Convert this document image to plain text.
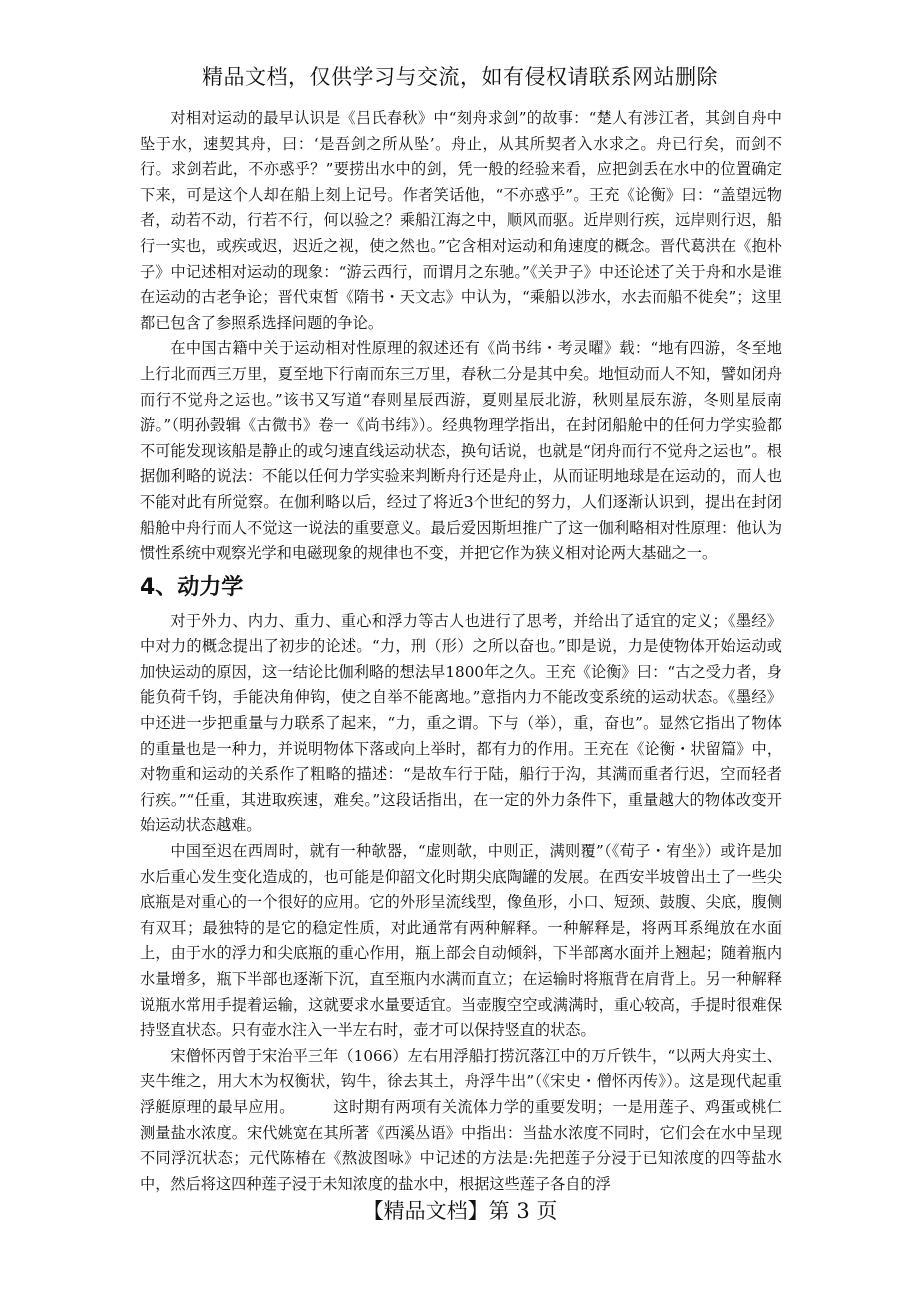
精品文档，仅供学习与交流，如有侵权请联系网站删除

对相对运动的最早认识是《吕氏春秋》中“刻舟求剑”的故事：“楚人有涉江者，其剑自舟中坠于水，速契其舟，曰：‘是吾剑之所从坠’。舟止，从其所契者入水求之。舟已行矣，而剑不行。求剑若此，不亦惑乎？”要捞出水中的剑，凭一般的经验来看，应把剑丢在水中的位置确定下来，可是这个人却在船上刻上记号。作者笑话他，“不亦惑乎”。王充《论衡》曰：“盖望远物者，动若不动，行若不行，何以验之？乘船江海之中，顺风而驱。近岸则行疾，远岸则行迟，船行一实也，或疾或迟，迟近之视，使之然也。”它含相对运动和角速度的概念。晋代葛洪在《抱朴子》中记述相对运动的现象：“游云西行，而谓月之东驰。”《关尹子》中还论述了关于舟和水是谁在运动的古老争论；晋代束皙《隋书・天文志》中认为，“乘船以涉水，水去而船不徙矣”；这里都已包含了参照系选择问题的争论。

在中国古籍中关于运动相对性原理的叙述还有《尚书纬・考灵曜》载：“地有四游，冬至地上行北而西三万里，夏至地下行南而东三万里，春秋二分是其中矣。地恒动而人不知，譬如闭舟而行不觉舟之运也。”该书又写道“春则星辰西游，夏则星辰北游，秋则星辰东游，冬则星辰南游。”（明孙瑴辑《古微书》卷一《尚书纬》）。经典物理学指出，在封闭船舱中的任何力学实验都不可能发现该船是静止的或匀速直线运动状态，换句话说，也就是“闭舟而行不觉舟之运也”。根据伽利略的说法：不能以任何力学实验来判断舟行还是舟止，从而证明地球是在运动的，而人也不能对此有所觉察。在伽利略以后，经过了将近3个世纪的努力，人们逐渐认识到，提出在封闭船舱中舟行而人不觉这一说法的重要意义。最后爱因斯坦推广了这一伽利略相对性原理：他认为惯性系统中观察光学和电磁现象的规律也不变，并把它作为狭义相对论两大基础之一。

4、动力学

对于外力、内力、重力、重心和浮力等古人也进行了思考，并给出了适宜的定义；《墨经》中对力的概念提出了初步的论述。“力，刑（形）之所以奋也。”即是说，力是使物体开始运动或加快运动的原因，这一结论比伽利略的想法早1800年之久。王充《论衡》曰：“古之受力者，身能负荷千钧，手能决角伸钩，使之自举不能离地。”意指内力不能改变系统的运动状态。《墨经》中还进一步把重量与力联系了起来，“力，重之谓。下与（举），重，奋也”。显然它指出了物体的重量也是一种力，并说明物体下落或向上举时，都有力的作用。王充在《论衡・状留篇》中，对物重和运动的关系作了粗略的描述：“是故车行于陆，船行于沟，其满而重者行迟，空而轻者行疾。”“任重，其进取疾速，难矣。”这段话指出，在一定的外力条件下，重量越大的物体改变开始运动状态越难。

中国至迟在西周时，就有一种欹器，“虚则欹，中则正，满则覆”（《荀子・宥坐》）或许是加水后重心发生变化造成的，也可能是仰韶文化时期尖底陶罐的发展。在西安半坡曾出土了一些尖底瓶是对重心的一个很好的应用。它的外形呈流线型，像鱼形，小口、短颈、鼓腹、尖底，腹侧有双耳；最独特的是它的稳定性质，对此通常有两种解释。一种解释是，将两耳系绳放在水面上，由于水的浮力和尖底瓶的重心作用，瓶上部会自动倾斜，下半部离水面并上翘起；随着瓶内水量增多，瓶下半部也逐渐下沉，直至瓶内水满而直立；在运输时将瓶背在肩背上。另一种解释说瓶水常用手提着运输，这就要求水量要适宜。当壶腹空空或满满时，重心较高，手提时很难保持竖直状态。只有壶水注入一半左右时，壶才可以保持竖直的状态。

宋僧怀丙曾于宋治平三年（1066）左右用浮船打捞沉落江中的万斤铁牛，“以两大舟实土、夹牛维之，用大木为权衡状，钩牛，徐去其土，舟浮牛出”（《宋史・僧怀丙传》）。这是现代起重浮艇原理的最早应用。　　　这时期有两项有关流体力学的重要发明；一是用莲子、鸡蛋或桃仁测量盐水浓度。宋代姚宽在其所著《西溪丛语》中指出：当盐水浓度不同时，它们会在水中呈现不同浮沉状态；元代陈椿在《熬波图咏》中记述的方法是:先把莲子分浸于已知浓度的四等盐水中，然后将这四种莲子浸于未知浓度的盐水中，根据这些莲子各自的浮

【精品文档】第 3 页
